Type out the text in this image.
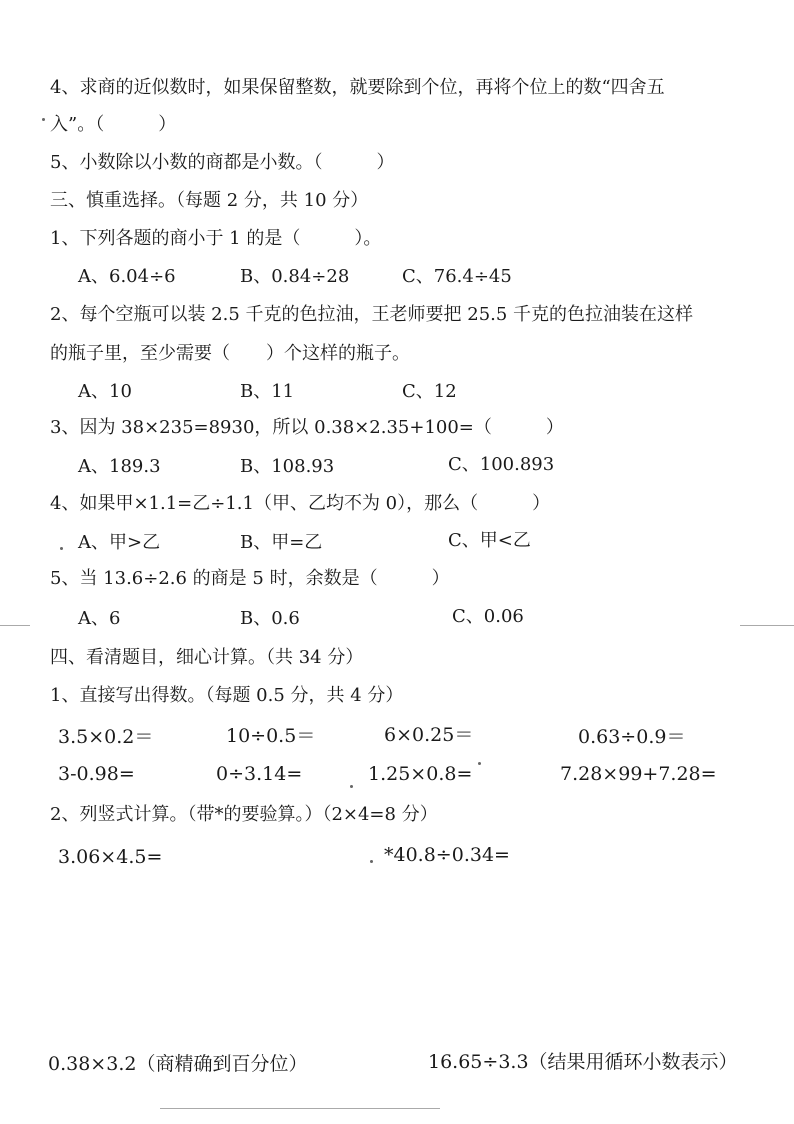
4、求商的近似数时，如果保留整数，就要除到个位，再将个位上的数“四舍五
入”。（　　　）
5、小数除以小数的商都是小数。（　　　）
三、慎重选择。（每题 2 分，共 10 分）
1、下列各题的商小于 1 的是（　　　）。
A、6.04÷6	B、0.84÷28	C、76.4÷45
2、每个空瓶可以装 2.5 千克的色拉油，王老师要把 25.5 千克的色拉油装在这样
的瓶子里，至少需要（　　）个这样的瓶子。
A、10	B、11	C、12
3、因为 38×235=8930，所以 0.38×2.35+100=（　　　）
A、189.3	B、108.93	C、100.893
4、如果甲×1.1=乙÷1.1（甲、乙均不为 0），那么（　　　）
A、甲>乙	B、甲=乙	C、甲<乙
5、当 13.6÷2.6 的商是 5 时，余数是（　　　）
A、6	B、0.6	C、0.06
四、看清题目，细心计算。（共 34 分）
1、直接写出得数。（每题 0.5 分，共 4 分）
3.5×0.2＝	10÷0.5＝	6×0.25＝	0.63÷0.9＝
3-0.98=	0÷3.14=	1.25×0.8=	7.28×99+7.28=
2、列竖式计算。（带*的要验算。）（2×4=8 分）
3.06×4.5=	*40.8÷0.34=
0.38×3.2（商精确到百分位）	16.65÷3.3（结果用循环小数表示）
